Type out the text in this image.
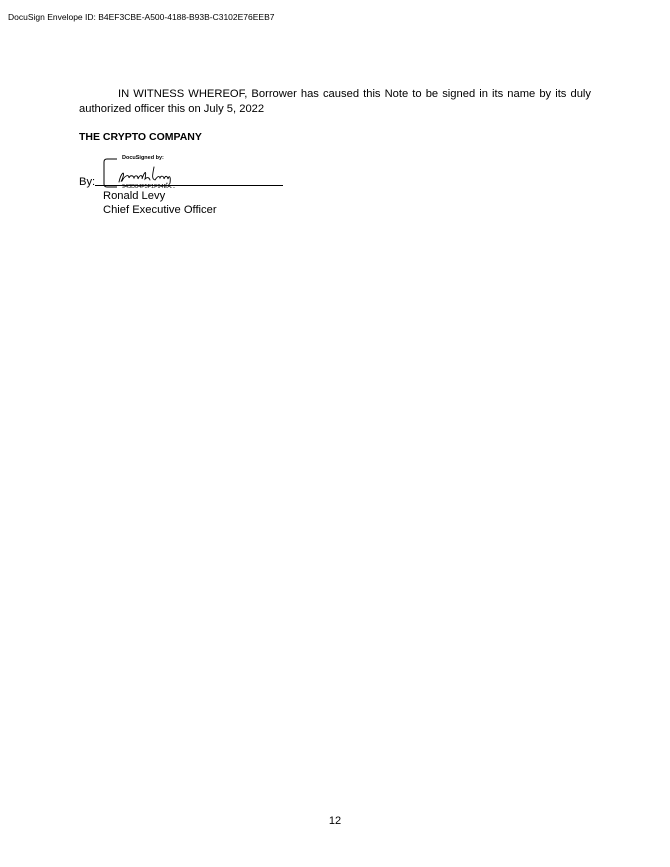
DocuSign Envelope ID: B4EF3CBE-A500-4188-B93B-C3102E76EEB7

IN WITNESS WHEREOF, Borrower has caused this Note to be signed in its name by its duly authorized officer this on July 5, 2022

THE CRYPTO COMPANY

By:
DocuSigned by:
943D84F5F1F94EA...
Ronald Levy
Chief Executive Officer
12
